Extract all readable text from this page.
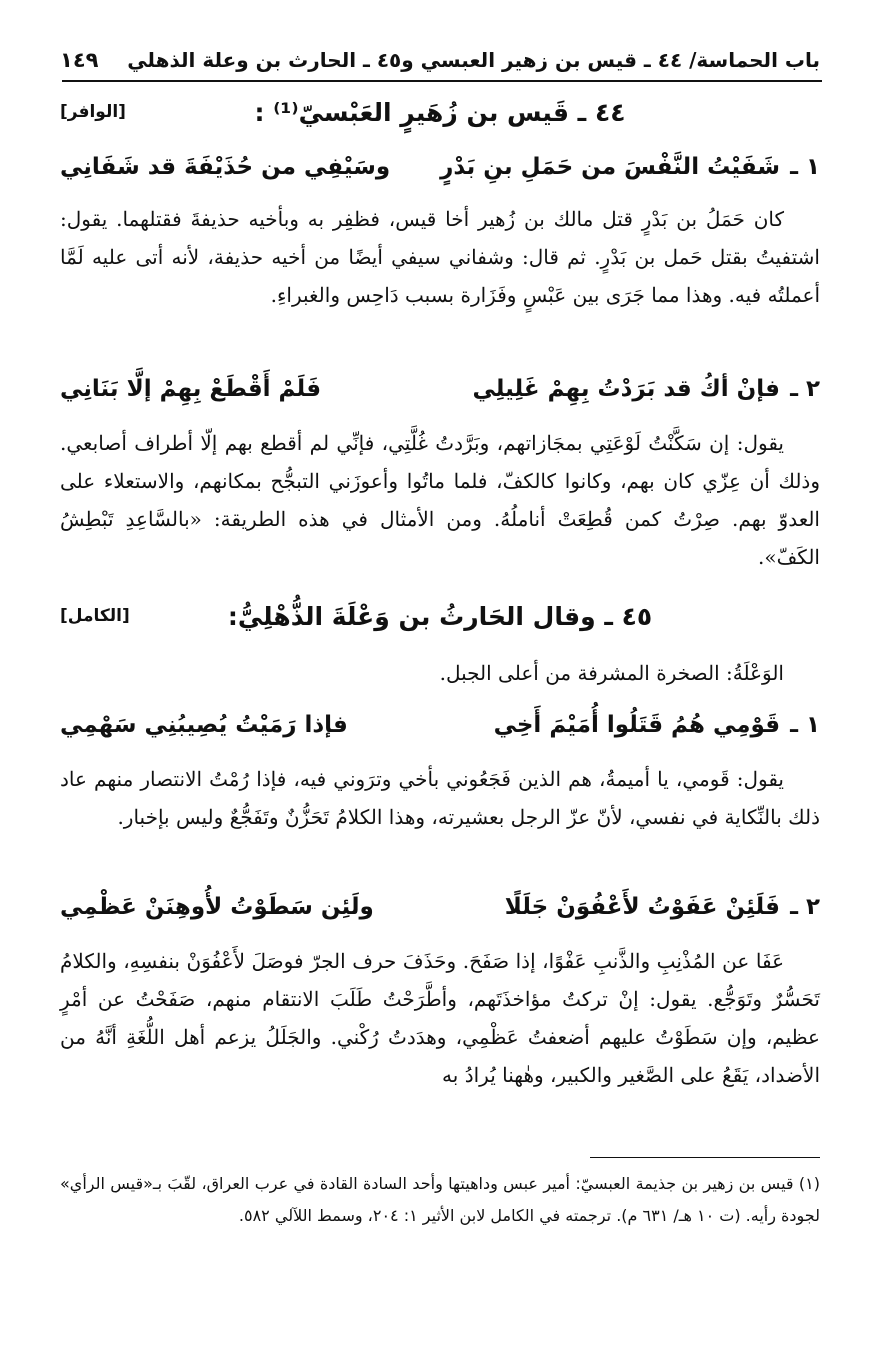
باب الحماسة/ ٤٤ ـ قيس بن زهير العبسي و٤٥ ـ الحارث بن وعلة الذهلي
١٤٩
٤٤ ـ قَيس بن زُهَيرٍ العَبْسيّ⁽¹⁾ :
[الوافر]
١ ـ
شَفَيْتُ النَّفْسَ من حَمَلِ بنِ بَدْرٍ
وسَيْفِي من حُذَيْفَةَ قد شَفَانِي
كان حَمَلُ بن بَدْرٍ قتل مالك بن زُهير أخا قيس، فظفِر به وبأخيه حذيفةَ فقتلهما. يقول: اشتفيتُ بقتل حَمل بن بَدْرٍ. ثم قال: وشفاني سيفي أيضًا من أخيه حذيفة، لأنه أتى عليه لَمَّا أعملتُه فيه. وهذا مما جَرَى بين عَبْسٍ وفَزَارة بسبب دَاحِس والغبراءِ.
٢ ـ
فإنْ أكُ قد بَرَدْتُ بِهِمْ غَلِيلِي
فَلَمْ أَقْطَعْ بِهِمْ إلَّا بَنَانِي
يقول: إن سَكَّنْتُ لَوْعَتِي بمجَازاتهم، وبَرَّدتُ غُلَّتِي، فإنِّي لم أقطع بهم إلّا أطراف أصابعي. وذلك أن عِزّي كان بهم، وكانوا كالكفّ، فلما ماتُوا وأعوزَني التبجُّح بمكانهم، والاستعلاء على العدوّ بهم. صِرْتُ كمن قُطِعَتْ أناملُهُ. ومن الأمثال في هذه الطريقة: «بالسَّاعِدِ تَبْطِشُ الكَفّ».
٤٥ ـ وقال الحَارثُ بن وَعْلَةَ الذُّهْلِيُّ:
[الكامل]
الوَعْلَةُ: الصخرة المشرفة من أعلى الجبل.
١ ـ
قَوْمِي هُمُ قَتَلُوا أُمَيْمَ أَخِي
فإذا رَمَيْتُ يُصِيبُنِي سَهْمِي
يقول: قَومي، يا أميمةُ، هم الذين فَجَعُوني بأخي وترَوني فيه، فإذا رُمْتُ الانتصار منهم عاد ذلك بالنِّكاية في نفسي، لأنّ عزّ الرجل بعشيرته، وهذا الكلامُ تَحَزُّنٌ وتَفَجُّعٌ وليس بإخبار.
٢ ـ
فَلَئِنْ عَفَوْتُ لأَعْفُوَنْ جَلَلًا
ولَئِن سَطَوْتُ لأُوهِنَنْ عَظْمِي
عَفَا عن المُذْنِبِ والذَّنبِ عَفْوًا، إذا صَفَحَ. وحَذَفَ حرف الجرّ فوصَلَ لأَعْفُوَنْ بنفسِهِ، والكلامُ تَحَسُّرٌ وتَوَجُّع. يقول: إنْ تركتُ مؤاخذَتَهم، وأطَّرَحْتُ طَلَبَ الانتقام منهم، صَفَحْتُ عن أمْرٍ عظيم، وإن سَطَوْتُ عليهم أضعفتُ عَظْمِي، وهدَدتُ رُكْني. والجَلَلُ يزعم أهل اللُّغَةِ أنَّهُ من الأضداد، يَقَعُ على الصَّغير والكبير، وهٰهنا يُرادُ به
(١) قيس بن زهير بن جذيمة العبسيّ: أمير عبس وداهيتها وأحد السادة القادة في عرب العراق، لقّبَ بـ«قيس الرأي» لجودة رأيه. (ت ١٠ هـ/ ٦٣١ م). ترجمته في الكامل لابن الأثير ١: ٢٠٤، وسمط اللآلي ٥٨٢.
